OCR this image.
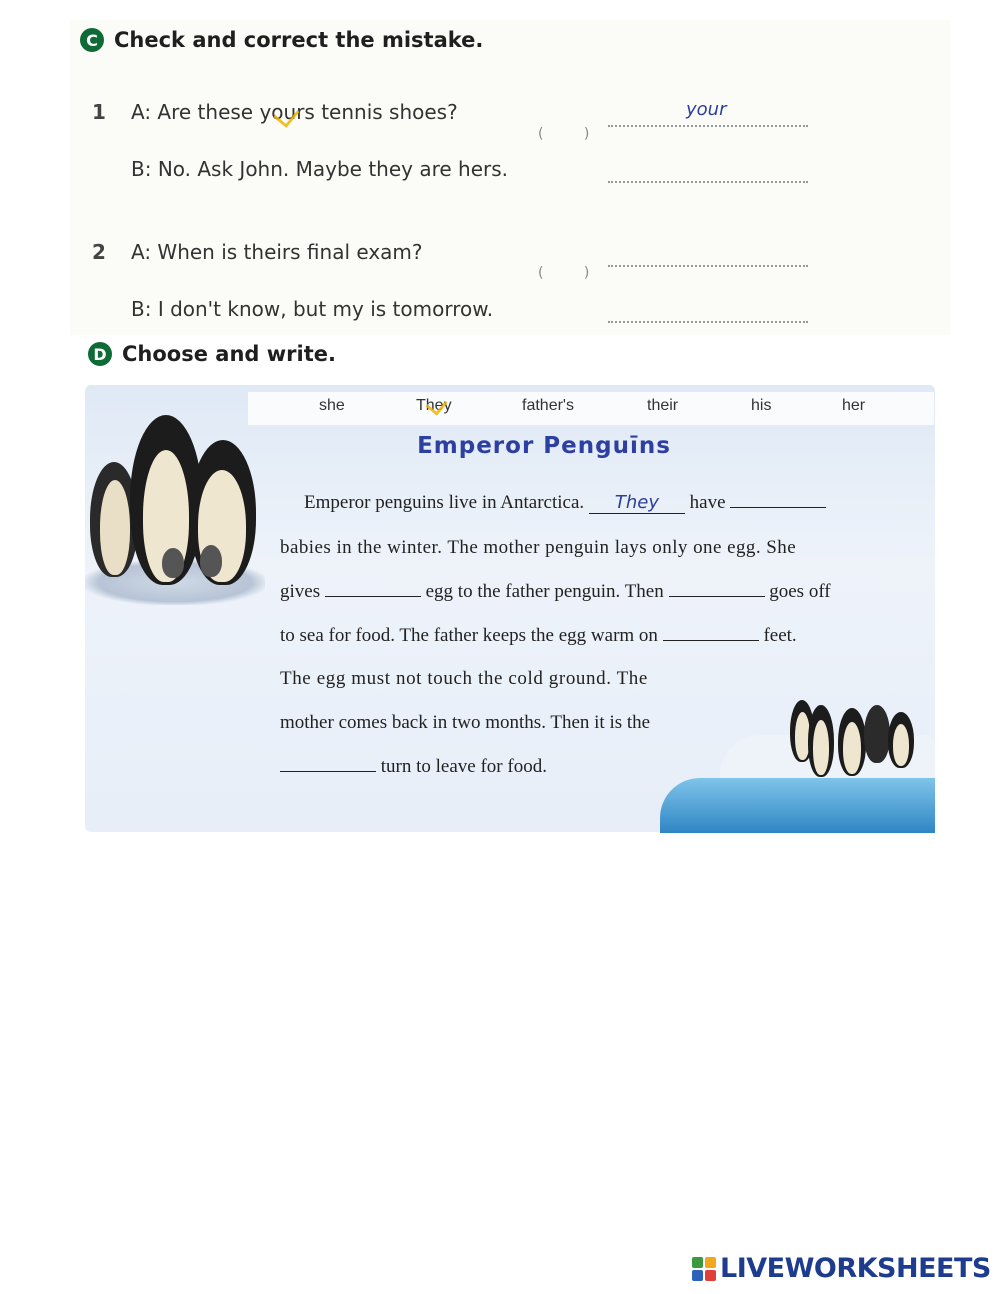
C Check and correct the mistake.
1 A: Are these yours tennis shoes?
( )
your
B: No. Ask John. Maybe they are hers.
2 A: When is theirs final exam?
( )
B: I don't know, but my is tomorrow.
D Choose and write.
she	They	father's	their	his	her
Emperor Penguīns
Emperor penguins live in Antarctica. They have
babies in the winter. The mother penguin lays only one egg. She
gives	egg to the father penguin. Then	goes off
to sea for food. The father keeps the egg warm on	feet.
The egg must not touch the cold ground. The
mother comes back in two months. Then it is the
turn to leave for food.
LIVEWORKSHEETS
